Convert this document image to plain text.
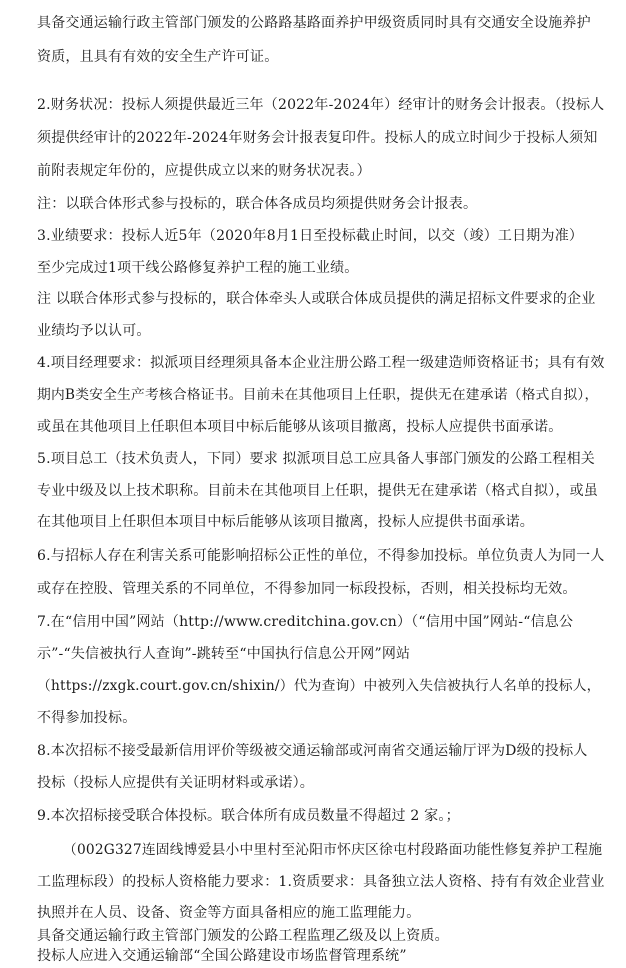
具备交通运输行政主管部门颁发的公路路基路面养护甲级资质同时具有交通安全设施养护
资质，且具有有效的安全生产许可证。
2.财务状况：投标人须提供最近三年（2022年-2024年）经审计的财务会计报表。（投标人
须提供经审计的2022年-2024年财务会计报表复印件。投标人的成立时间少于投标人须知
前附表规定年份的，应提供成立以来的财务状况表。）
注：以联合体形式参与投标的，联合体各成员均须提供财务会计报表。
3.业绩要求：投标人近5年（2020年8月1日至投标截止时间，以交（竣）工日期为准）
至少完成过1项干线公路修复养护工程的施工业绩。
注 以联合体形式参与投标的，联合体牵头人或联合体成员提供的满足招标文件要求的企业
业绩均予以认可。
4.项目经理要求：拟派项目经理须具备本企业注册公路工程一级建造师资格证书；具有有效
期内B类安全生产考核合格证书。目前未在其他项目上任职，提供无在建承诺（格式自拟），
或虽在其他项目上任职但本项目中标后能够从该项目撤离，投标人应提供书面承诺。
5.项目总工（技术负责人，下同）要求 拟派项目总工应具备人事部门颁发的公路工程相关
专业中级及以上技术职称。目前未在其他项目上任职，提供无在建承诺（格式自拟），或虽
在其他项目上任职但本项目中标后能够从该项目撤离，投标人应提供书面承诺。
6.与招标人存在利害关系可能影响招标公正性的单位，不得参加投标。单位负责人为同一人
或存在控股、管理关系的不同单位，不得参加同一标段投标，否则，相关投标均无效。
7.在“信用中国”网站（http://www.creditchina.gov.cn）（“信用中国”网站-“信息公
示”-“失信被执行人查询”-跳转至“中国执行信息公开网”网站
（https://zxgk.court.gov.cn/shixin/）代为查询）中被列入失信被执行人名单的投标人，
不得参加投标。
8.本次招标不接受最新信用评价等级被交通运输部或河南省交通运输厅评为D级的投标人
投标（投标人应提供有关证明材料或承诺）。
9.本次招标接受联合体投标。联合体所有成员数量不得超过 2 家。；
（002G327连固线博爱县小中里村至沁阳市怀庆区徐屯村段路面功能性修复养护工程施
工监理标段）的投标人资格能力要求：1.资质要求：具备独立法人资格、持有有效企业营业
执照并在人员、设备、资金等方面具备相应的施工监理能力。
具备交通运输行政主管部门颁发的公路工程监理乙级及以上资质。
投标人应进入交通运输部“全国公路建设市场监督管理系统”
